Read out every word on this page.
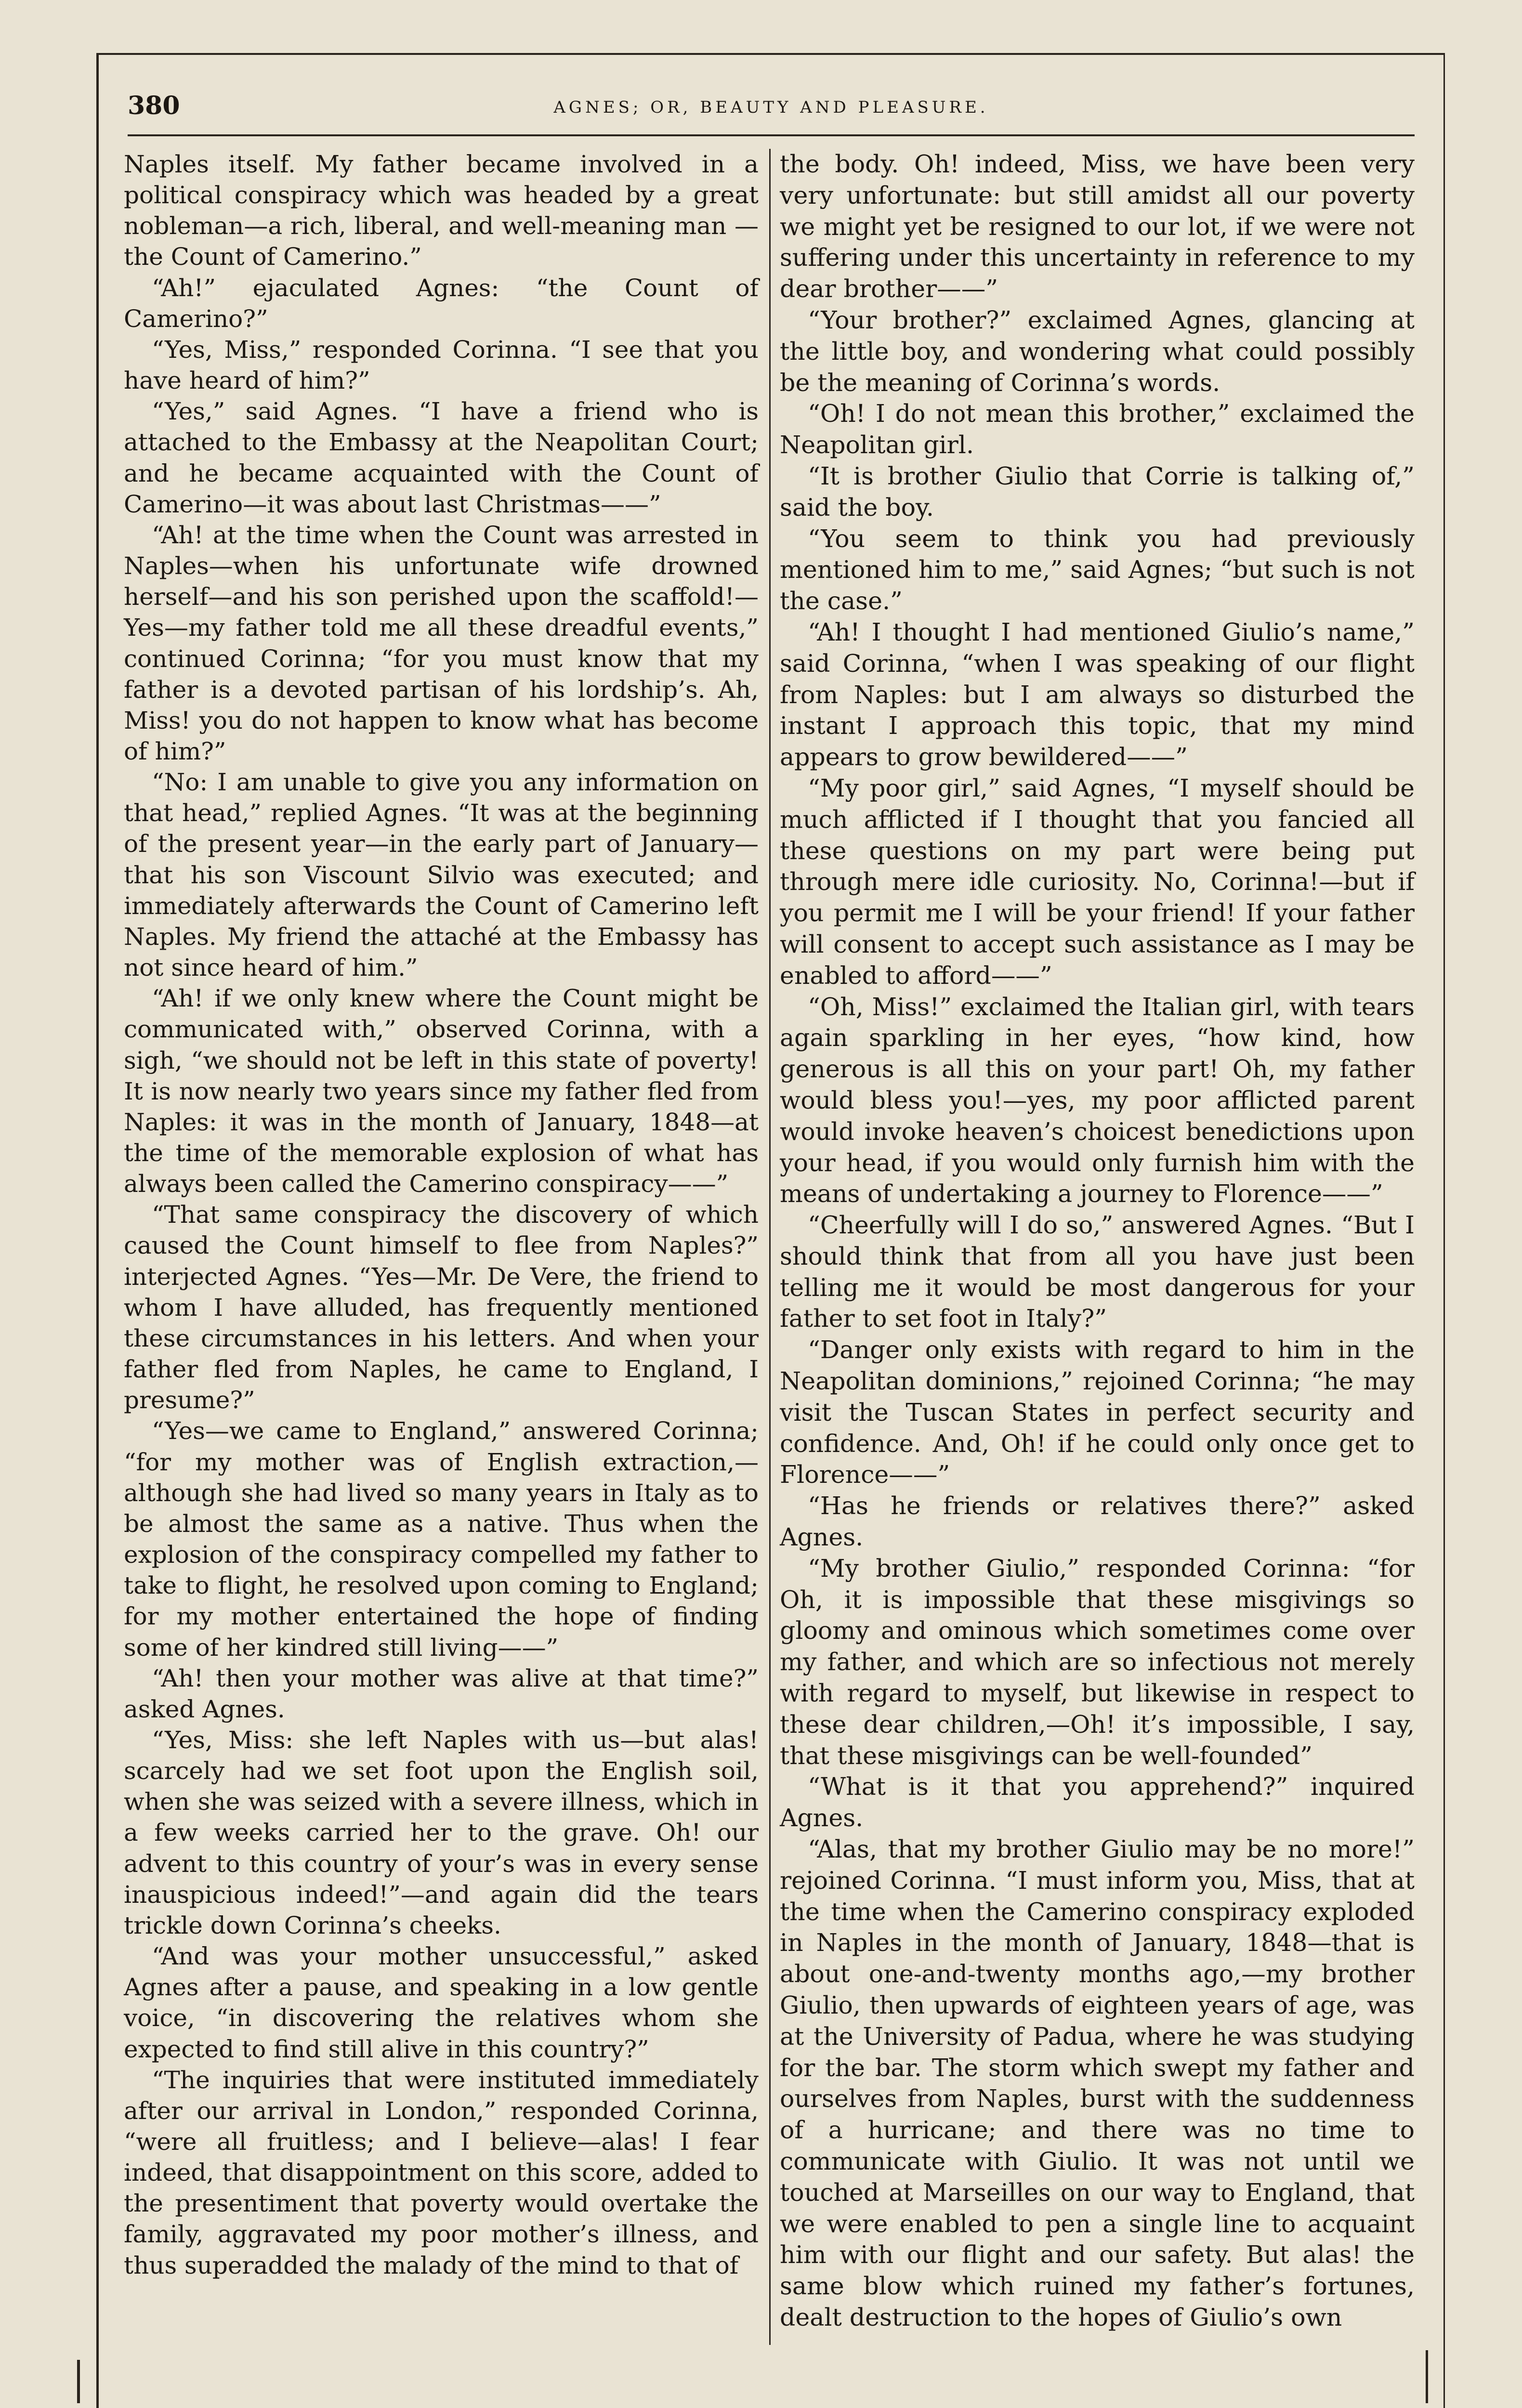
380	AGNES; OR, BEAUTY AND PLEASURE.

Naples itself. My father became involved in a political conspiracy which was headed by a great nobleman—a rich, liberal, and well-meaning man —the Count of Camerino.”

“Ah!” ejaculated Agnes: “the Count of Camerino?”

“Yes, Miss,” responded Corinna. “I see that you have heard of him?”

“Yes,” said Agnes. “I have a friend who is attached to the Embassy at the Neapolitan Court; and he became acquainted with the Count of Camerino—it was about last Christmas——”

“Ah! at the time when the Count was arrested in Naples—when his unfortunate wife drowned herself—and his son perished upon the scaffold!—Yes—my father told me all these dreadful events,” continued Corinna; “for you must know that my father is a devoted partisan of his lordship’s. Ah, Miss! you do not happen to know what has become of him?”

“No: I am unable to give you any information on that head,” replied Agnes. “It was at the beginning of the present year—in the early part of January—that his son Viscount Silvio was executed; and immediately afterwards the Count of Camerino left Naples. My friend the attaché at the Embassy has not since heard of him.”

“Ah! if we only knew where the Count might be communicated with,” observed Corinna, with a sigh, “we should not be left in this state of poverty! It is now nearly two years since my father fled from Naples: it was in the month of January, 1848—at the time of the memorable explosion of what has always been called the Camerino conspiracy——”

“That same conspiracy the discovery of which caused the Count himself to flee from Naples?” interjected Agnes. “Yes—Mr. De Vere, the friend to whom I have alluded, has frequently mentioned these circumstances in his letters. And when your father fled from Naples, he came to England, I presume?”

“Yes—we came to England,” answered Corinna; “for my mother was of English extraction,—although she had lived so many years in Italy as to be almost the same as a native. Thus when the explosion of the conspiracy compelled my father to take to flight, he resolved upon coming to England; for my mother entertained the hope of finding some of her kindred still living——”

“Ah! then your mother was alive at that time?” asked Agnes.

“Yes, Miss: she left Naples with us—but alas! scarcely had we set foot upon the English soil, when she was seized with a severe illness, which in a few weeks carried her to the grave. Oh! our advent to this country of your’s was in every sense inauspicious indeed!”—and again did the tears trickle down Corinna’s cheeks.

“And was your mother unsuccessful,” asked Agnes after a pause, and speaking in a low gentle voice, “in discovering the relatives whom she expected to find still alive in this country?”

“The inquiries that were instituted immediately after our arrival in London,” responded Corinna, “were all fruitless; and I believe—alas! I fear indeed, that disappointment on this score, added to the presentiment that poverty would overtake the family, aggravated my poor mother’s illness, and thus superadded the malady of the mind to that of

the body. Oh! indeed, Miss, we have been very very unfortunate: but still amidst all our poverty we might yet be resigned to our lot, if we were not suffering under this uncertainty in reference to my dear brother——”

“Your brother?” exclaimed Agnes, glancing at the little boy, and wondering what could possibly be the meaning of Corinna’s words.

“Oh! I do not mean this brother,” exclaimed the Neapolitan girl.

“It is brother Giulio that Corrie is talking of,” said the boy.

“You seem to think you had previously mentioned him to me,” said Agnes; “but such is not the case.”

“Ah! I thought I had mentioned Giulio’s name,” said Corinna, “when I was speaking of our flight from Naples: but I am always so disturbed the instant I approach this topic, that my mind appears to grow bewildered——”

“My poor girl,” said Agnes, “I myself should be much afflicted if I thought that you fancied all these questions on my part were being put through mere idle curiosity. No, Corinna!—but if you permit me I will be your friend! If your father will consent to accept such assistance as I may be enabled to afford——”

“Oh, Miss!” exclaimed the Italian girl, with tears again sparkling in her eyes, “how kind, how generous is all this on your part! Oh, my father would bless you!—yes, my poor afflicted parent would invoke heaven’s choicest benedictions upon your head, if you would only furnish him with the means of undertaking a journey to Florence——”

“Cheerfully will I do so,” answered Agnes. “But I should think that from all you have just been telling me it would be most dangerous for your father to set foot in Italy?”

“Danger only exists with regard to him in the Neapolitan dominions,” rejoined Corinna; “he may visit the Tuscan States in perfect security and confidence. And, Oh! if he could only once get to Florence——”

“Has he friends or relatives there?” asked Agnes.

“My brother Giulio,” responded Corinna: “for Oh, it is impossible that these misgivings so gloomy and ominous which sometimes come over my father, and which are so infectious not merely with regard to myself, but likewise in respect to these dear children,—Oh! it’s impossible, I say, that these misgivings can be well-founded”

“What is it that you apprehend?” inquired Agnes.

“Alas, that my brother Giulio may be no more!” rejoined Corinna. “I must inform you, Miss, that at the time when the Camerino conspiracy exploded in Naples in the month of January, 1848—that is about one-and-twenty months ago,—my brother Giulio, then upwards of eighteen years of age, was at the University of Padua, where he was studying for the bar. The storm which swept my father and ourselves from Naples, burst with the suddenness of a hurricane; and there was no time to communicate with Giulio. It was not until we touched at Marseilles on our way to England, that we were enabled to pen a single line to acquaint him with our flight and our safety. But alas! the same blow which ruined my father’s fortunes, dealt destruction to the hopes of Giulio’s own
